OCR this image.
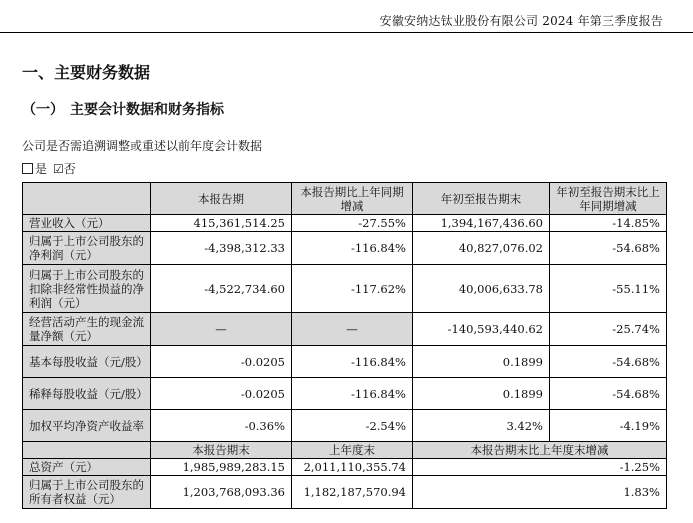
安徽安纳达钛业股份有限公司 2024 年第三季度报告
一、主要财务数据
（一） 主要会计数据和财务指标
公司是否需追溯调整或重述以前年度会计数据
是 ☑否
	本报告期	本报告期比上年同期增减	年初至报告期末	年初至报告期末比上年同期增减
营业收入（元）	415,361,514.25	-27.55%	1,394,167,436.60	-14.85%
归属于上市公司股东的净利润（元）	-4,398,312.33	-116.84%	40,827,076.02	-54.68%
归属于上市公司股东的扣除非经常性损益的净利润（元）	-4,522,734.60	-117.62%	40,006,633.78	-55.11%
经营活动产生的现金流量净额（元）	—	—	-140,593,440.62	-25.74%
基本每股收益（元/股）	-0.0205	-116.84%	0.1899	-54.68%
稀释每股收益（元/股）	-0.0205	-116.84%	0.1899	-54.68%
加权平均净资产收益率	-0.36%	-2.54%	3.42%	-4.19%
	本报告期末	上年度末	本报告期末比上年度末增减	
总资产（元）	1,985,989,283.15	2,011,110,355.74	-1.25%	
归属于上市公司股东的所有者权益（元）	1,203,768,093.36	1,182,187,570.94	1.83%	
